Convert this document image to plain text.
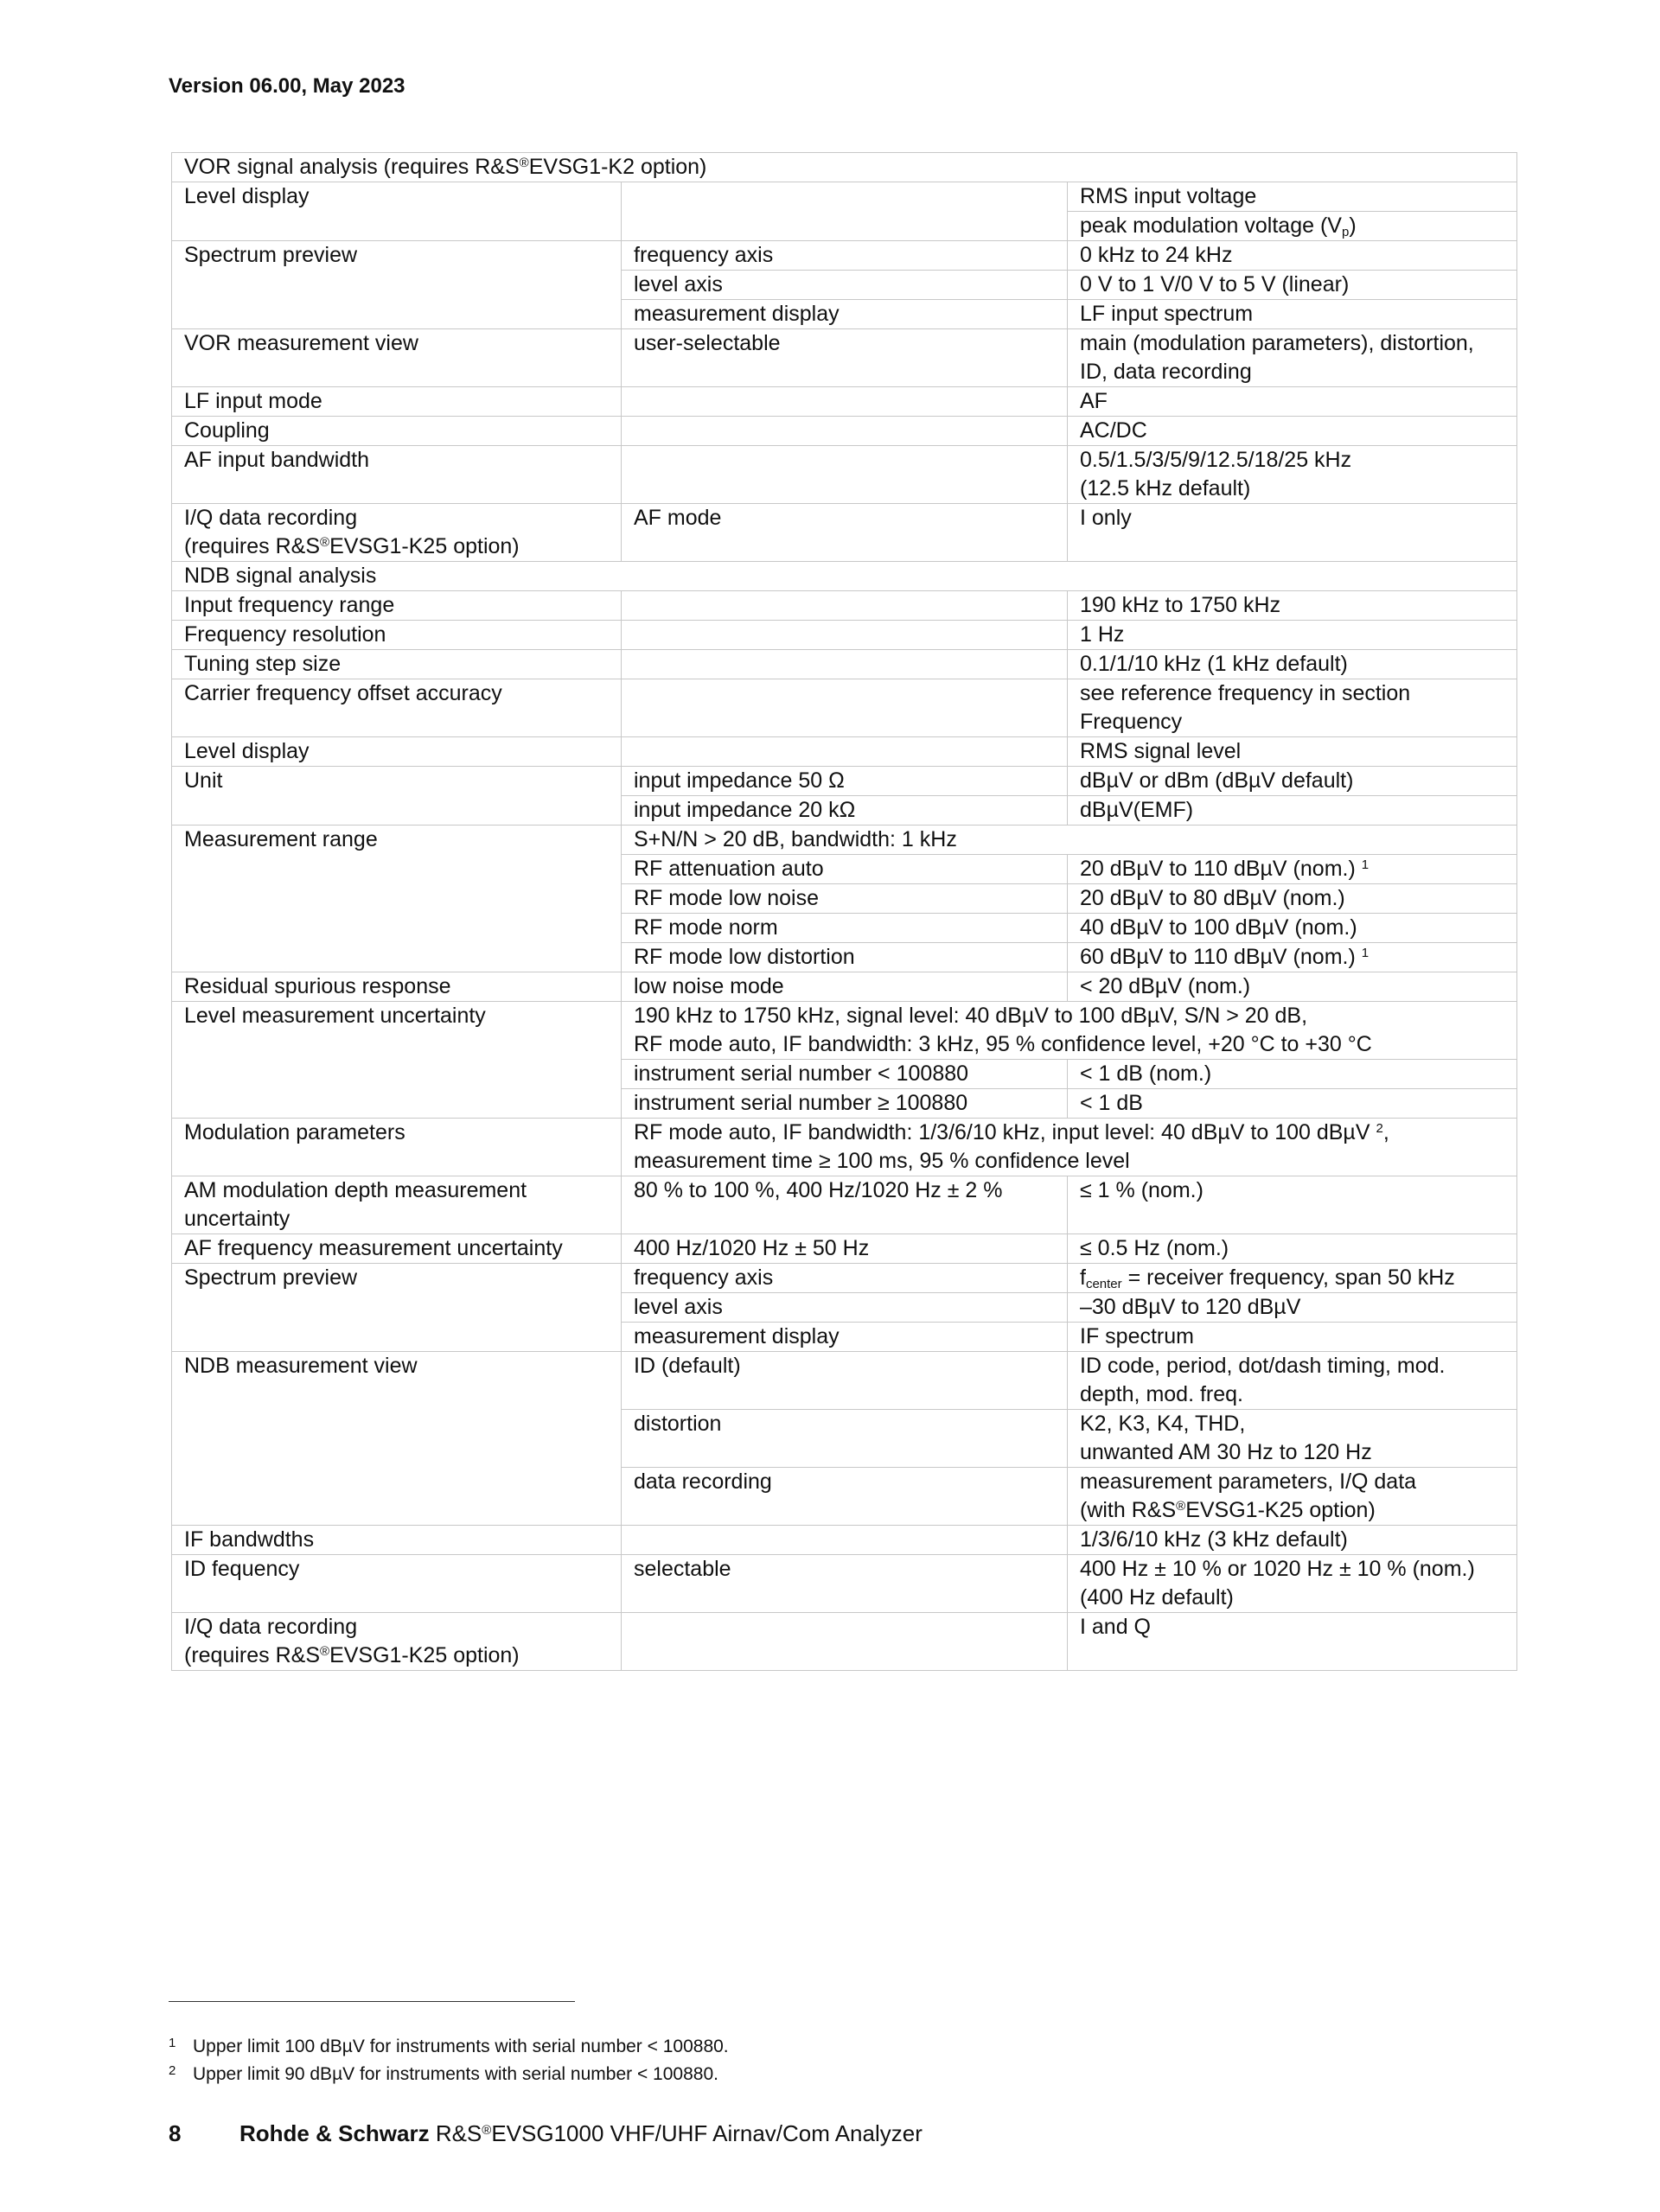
Version 06.00, May 2023
VOR signal analysis (requires R&S®EVSG1-K2 option)		
Level display		RMS input voltage
		peak modulation voltage $(V_p)$
Spectrum preview	frequency axis	0 kHz to 24 kHz
	level axis	0 V to 1 V/0 V to 5 V (linear)
	measurement display	LF input spectrum
VOR measurement view	user-selectable	main (modulation parameters), distortion, ID, data recording
LF input mode		AF
Coupling		AC/DC
AF input bandwidth		0.5/1.5/3/5/9/12.5/18/25 kHz
(12.5 kHz default)

I/Q data recording
(requires R&S®EVSG1-K25 option)	AF mode	I only
NDB signal analysis		
Input frequency range		190 kHz to 1750 kHz
Frequency resolution		1 Hz
Tuning step size		0.1/1/10 kHz (1 kHz default)
Carrier frequency offset accuracy		see reference frequency in section Frequency
Level display		RMS signal level
Unit	input impedance 50 Ω	dBµV or dBm (dBµV default)
	input impedance 20 kΩ	dBµV(EMF)
Measurement range	S+N/N > 20 dB, bandwidth: 1 kHz	
	RF attenuation auto	20 dBµV to 110 dBµV (nom.) $^1$
	RF mode low noise	20 dBµV to 80 dBµV (nom.)
	RF mode norm	40 dBµV to 100 dBµV (nom.)
	RF mode low distortion	60 dBµV to 110 dBµV (nom.) $^1$
Residual spurious response	low noise mode	< 20 dBµV (nom.)
Level measurement uncertainty	190 kHz to 1750 kHz, signal level: 40 dBµV to 100 dBµV, S/N > 20 dB,
RF mode auto, IF bandwidth: 3 kHz, 95 % confidence level, +20 °C to +30 °C	

	instrument serial number < 100880	< 1 dB (nom.)
	instrument serial number ≥ 100880	< 1 dB
Modulation parameters	RF mode auto, IF bandwidth: 1/3/6/10 kHz, input level: 40 dBµV to 100 dBµV $^2$,
measurement time ≥ 100 ms, 95 % confidence level	

AM modulation depth measurement uncertainty	80 % to 100 %, 400 Hz/1020 Hz ± 2 %	≤ 1 % (nom.)
AF frequency measurement uncertainty	400 Hz/1020 Hz ± 50 Hz	≤ 0.5 Hz (nom.)
Spectrum preview	frequency axis	$f_{center}$ = receiver frequency, span 50 kHz
	level axis	–30 dBµV to 120 dBµV
	measurement display	IF spectrum
NDB measurement view	ID (default)	ID code, period, dot/dash timing, mod. depth, mod. freq.
	distortion	K2, K3, K4, THD,
unwanted AM 30 Hz to 120 Hz

	data recording	measurement parameters, I/Q data
(with R&S®EVSG1-K25 option)

IF bandwdths		1/3/6/10 kHz (3 kHz default)
ID fequency	selectable	400 Hz ± 10 % or 1020 Hz ± 10 % (nom.)
(400 Hz default)

I/Q data recording
(requires R&S®EVSG1-K25 option)		I and Q
1 Upper limit 100 dBµV for instruments with serial number < 100880.
2 Upper limit 90 dBµV for instruments with serial number < 100880.
8	Rohde & Schwarz R&S®EVSG1000 VHF/UHF Airnav/Com Analyzer
